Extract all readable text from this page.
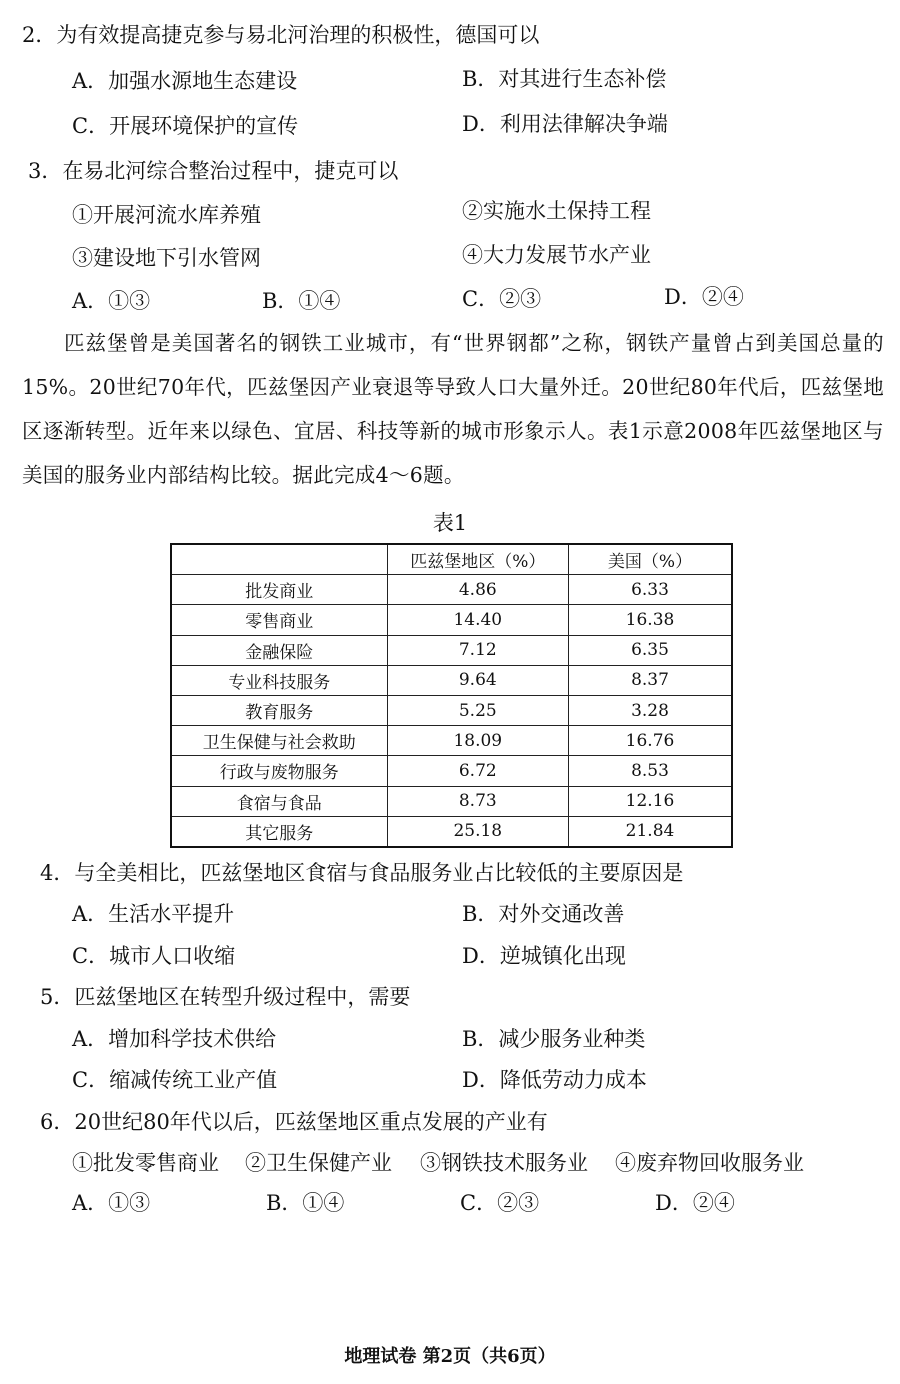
2．为有效提高捷克参与易北河治理的积极性，德国可以
A．加强水源地生态建设	B．对其进行生态补偿
C．开展环境保护的宣传	D．利用法律解决争端
3．在易北河综合整治过程中，捷克可以
①开展河流水库养殖	②实施水土保持工程
③建设地下引水管网	④大力发展节水产业
A．①③	B．①④	C．②③	D．②④
匹兹堡曾是美国著名的钢铁工业城市，有“世界钢都”之称，钢铁产量曾占到美国总量的15%。20世纪70年代，匹兹堡因产业衰退等导致人口大量外迁。20世纪80年代后，匹兹堡地区逐渐转型。近年来以绿色、宜居、科技等新的城市形象示人。表1示意2008年匹兹堡地区与美国的服务业内部结构比较。据此完成4～6题。
表1
	匹兹堡地区（%）	美国（%）
批发商业	4.86	6.33
零售商业	14.40	16.38
金融保险	7.12	6.35
专业科技服务	9.64	8.37
教育服务	5.25	3.28
卫生保健与社会救助	18.09	16.76
行政与废物服务	6.72	8.53
食宿与食品	8.73	12.16
其它服务	25.18	21.84
4．与全美相比，匹兹堡地区食宿与食品服务业占比较低的主要原因是
A．生活水平提升	B．对外交通改善
C．城市人口收缩	D．逆城镇化出现
5．匹兹堡地区在转型升级过程中，需要
A．增加科学技术供给	B．减少服务业种类
C．缩减传统工业产值	D．降低劳动力成本
6．20世纪80年代以后，匹兹堡地区重点发展的产业有
①批发零售商业 ②卫生保健产业 ③钢铁技术服务业 ④废弃物回收服务业
A．①③	B．①④	C．②③	D．②④
地理试卷 第2页（共6页）
